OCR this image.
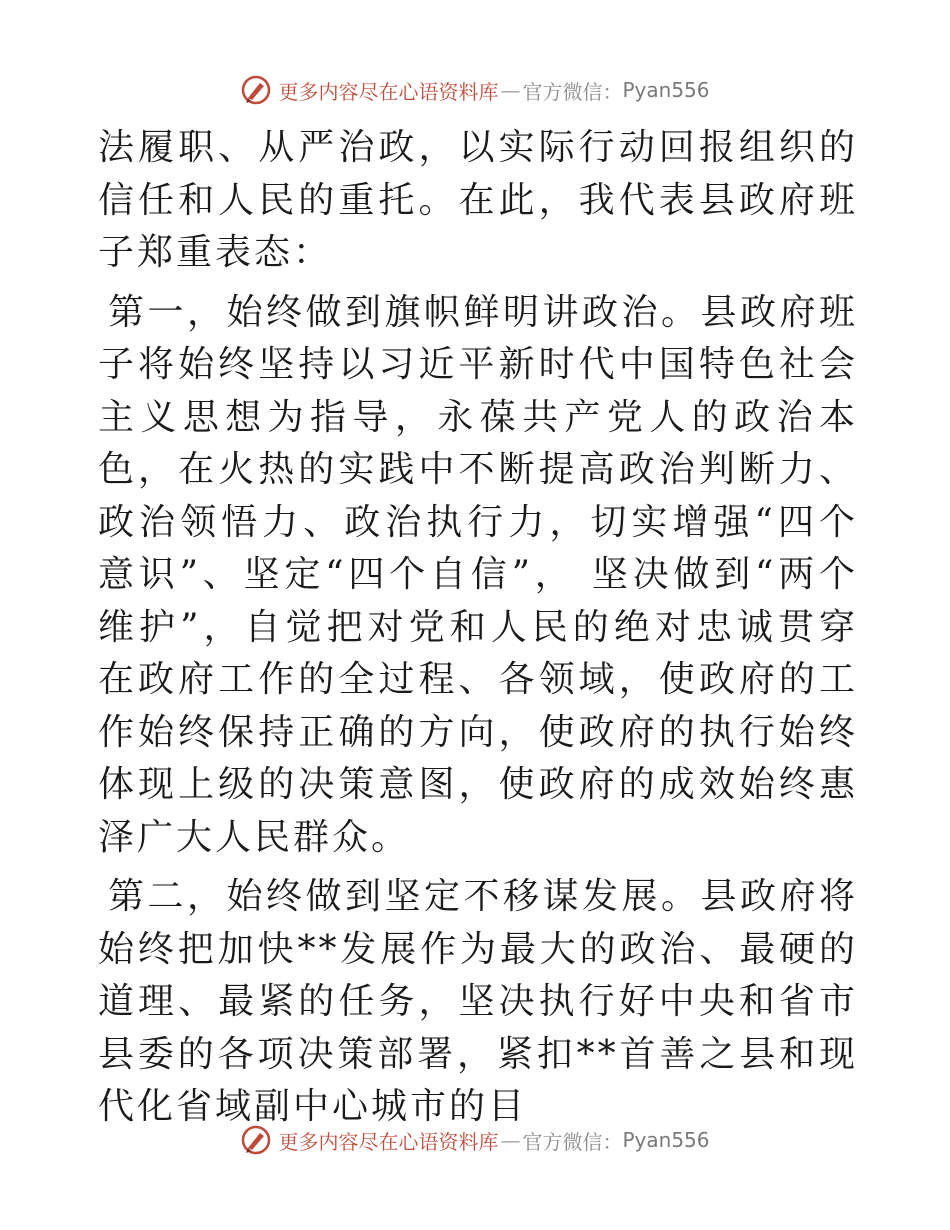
更多内容尽在心语资料库 — 官方微信： Pyan556

法履职、从严治政，以实际行动回报组织的信任和人民的重托。在此，我代表县政府班子郑重表态：

第一，始终做到旗帜鲜明讲政治。县政府班子将始终坚持以习近平新时代中国特色社会主义思想为指导，永葆共产党人的政治本色，在火热的实践中不断提高政治判断力、政治领悟力、政治执行力，切实增强“四个意识”、坚定“四个自信”， 坚决做到“两个维护”，自觉把对党和人民的绝对忠诚贯穿在政府工作的全过程、各领域，使政府的工作始终保持正确的方向，使政府的执行始终体现上级的决策意图，使政府的成效始终惠泽广大人民群众。

第二，始终做到坚定不移谋发展。县政府将始终把加快**发展作为最大的政治、最硬的道理、最紧的任务，坚决执行好中央和省市县委的各项决策部署，紧扣**首善之县和现代化省域副中心城市的目

更多内容尽在心语资料库 — 官方微信： Pyan556
